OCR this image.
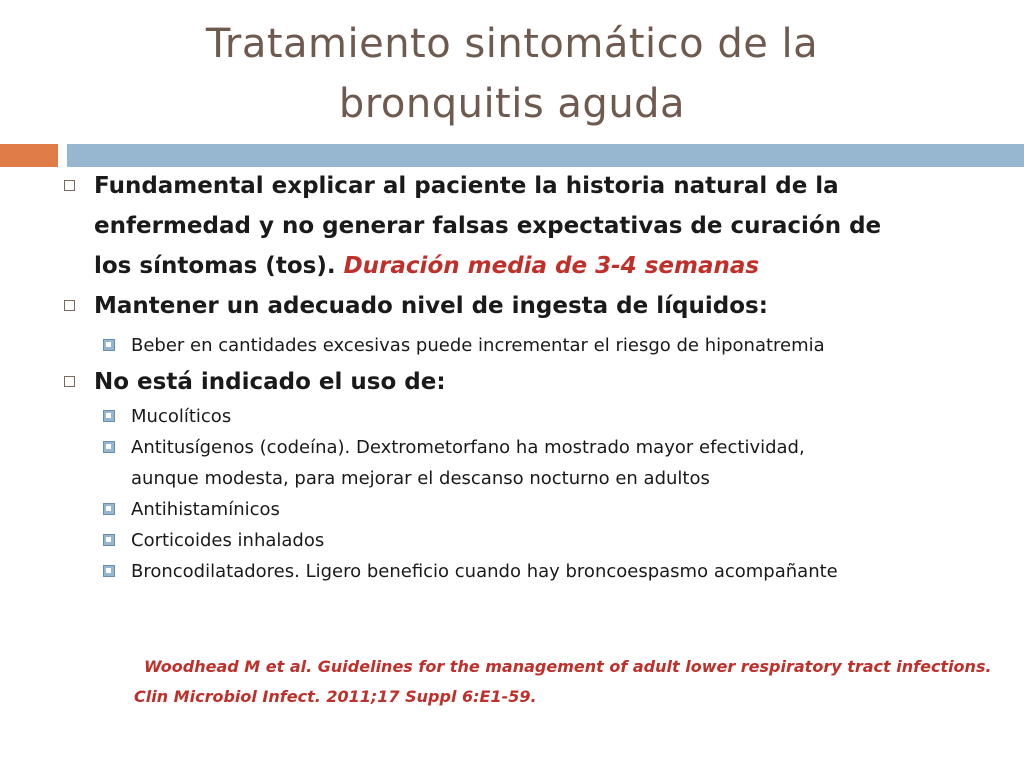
Tratamiento sintomático de la
bronquitis aguda
Fundamental explicar al paciente la historia natural de la
enfermedad y no generar falsas expectativas de curación de
los síntomas (tos). Duración media de 3-4 semanas
Mantener un adecuado nivel de ingesta de líquidos:
Beber en cantidades excesivas puede incrementar el riesgo de hiponatremia
No está indicado el uso de:
Mucolíticos
Antitusígenos (codeína). Dextrometorfano ha mostrado mayor efectividad,
aunque modesta, para mejorar el descanso nocturno en adultos
Antihistamínicos
Corticoides inhalados
Broncodilatadores. Ligero beneficio cuando hay broncoespasmo acompañante
Woodhead M et al. Guidelines for the management of adult lower respiratory tract infections.
Clin Microbiol Infect. 2011;17 Suppl 6:E1-59.
